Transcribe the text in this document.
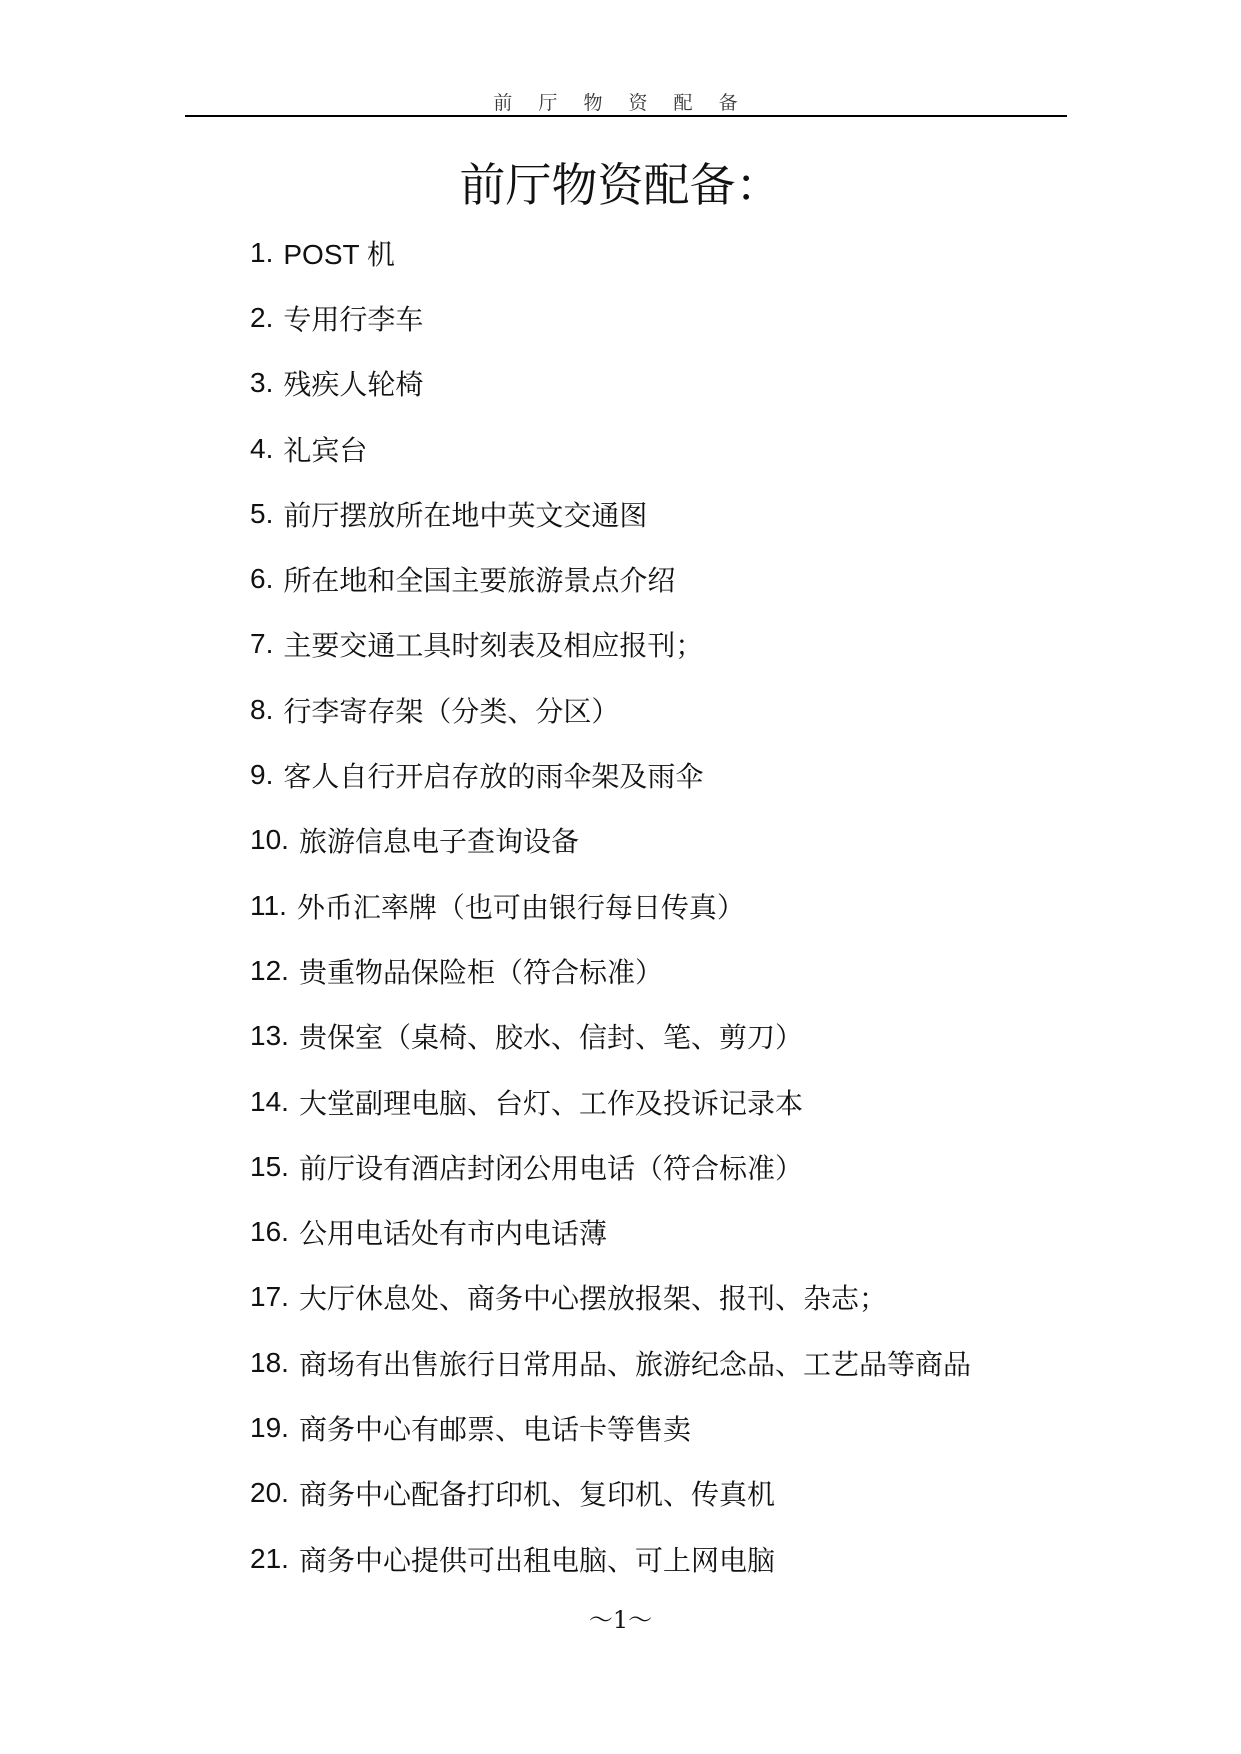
前 厅 物 资 配 备
前厅物资配备：
1. POST 机
2. 专用行李车
3. 残疾人轮椅
4. 礼宾台
5. 前厅摆放所在地中英文交通图
6. 所在地和全国主要旅游景点介绍
7. 主要交通工具时刻表及相应报刊；
8. 行李寄存架（分类、分区）
9. 客人自行开启存放的雨伞架及雨伞
10. 旅游信息电子查询设备
11. 外币汇率牌（也可由银行每日传真）
12. 贵重物品保险柜（符合标准）
13. 贵保室（桌椅、胶水、信封、笔、剪刀）
14. 大堂副理电脑、台灯、工作及投诉记录本
15. 前厅设有酒店封闭公用电话（符合标准）
16. 公用电话处有市内电话薄
17. 大厅休息处、商务中心摆放报架、报刊、杂志；
18. 商场有出售旅行日常用品、旅游纪念品、工艺品等商品
19. 商务中心有邮票、电话卡等售卖
20. 商务中心配备打印机、复印机、传真机
21. 商务中心提供可出租电脑、可上网电脑
～1～
